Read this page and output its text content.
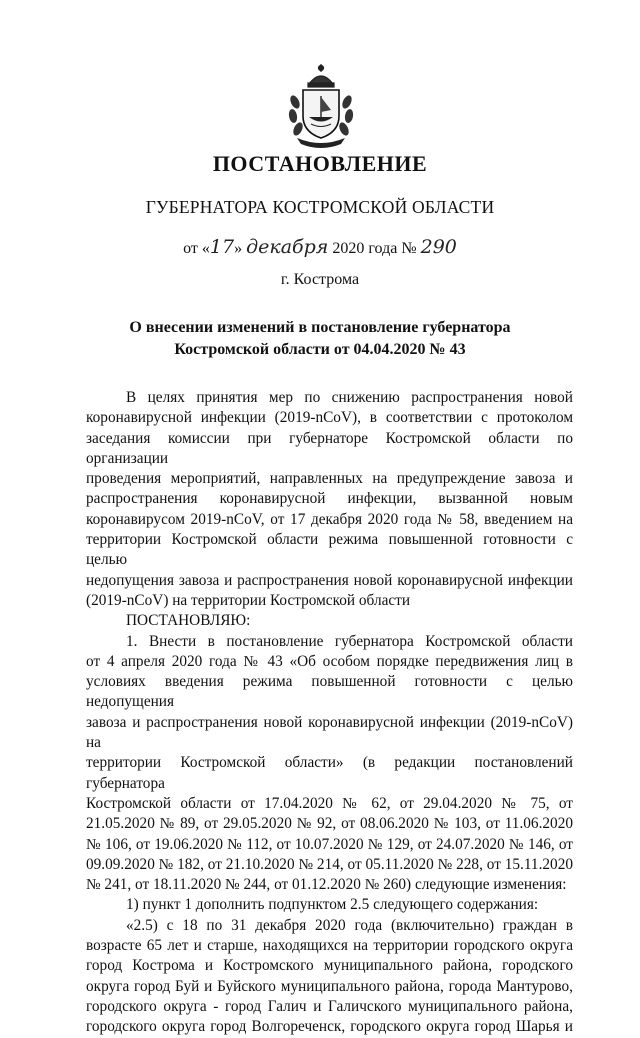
ПОСТАНОВЛЕНИЕ
ГУБЕРНАТОРА КОСТРОМСКОЙ ОБЛАСТИ
от «17» декабря 2020 года № 290
г. Кострома
О внесении изменений в постановление губернатора
Костромской области от 04.04.2020 № 43

В целях принятия мер по снижению распространения новой

коронавирусной инфекции (2019-nCoV), в соответствии с протоколом

заседания комиссии при губернаторе Костромской области по организации

проведения мероприятий, направленных на предупреждение завоза и

распространения коронавирусной инфекции, вызванной новым

коронавирусом 2019-nCoV, от 17 декабря 2020 года № 58, введением на

территории Костромской области режима повышенной готовности с целью

недопущения завоза и распространения новой коронавирусной инфекции

(2019-nCoV) на территории Костромской области

ПОСТАНОВЛЯЮ:

1. Внести в постановление губернатора Костромской области

от 4 апреля 2020 года № 43 «Об особом порядке передвижения лиц в

условиях введения режима повышенной готовности с целью недопущения

завоза и распространения новой коронавирусной инфекции (2019-nCoV) на

территории Костромской области» (в редакции постановлений губернатора

Костромской области от 17.04.2020 № 62, от 29.04.2020 № 75, от

21.05.2020 № 89, от 29.05.2020 № 92, от 08.06.2020 № 103, от 11.06.2020

№ 106, от 19.06.2020 № 112, от 10.07.2020 № 129, от 24.07.2020 № 146, от

09.09.2020 № 182, от 21.10.2020 № 214, от 05.11.2020 № 228, от 15.11.2020

№ 241, от 18.11.2020 № 244, от 01.12.2020 № 260) следующие изменения:

1) пункт 1 дополнить подпунктом 2.5 следующего содержания:

«2.5) с 18 по 31 декабря 2020 года (включительно) граждан в

возрасте 65 лет и старше, находящихся на территории городского округа

город Кострома и Костромского муниципального района, городского

округа город Буй и Буйского муниципального района, города Мантурово,

городского округа - город Галич и Галичского муниципального района,

городского округа город Волгореченск, городского округа город Шарья и
